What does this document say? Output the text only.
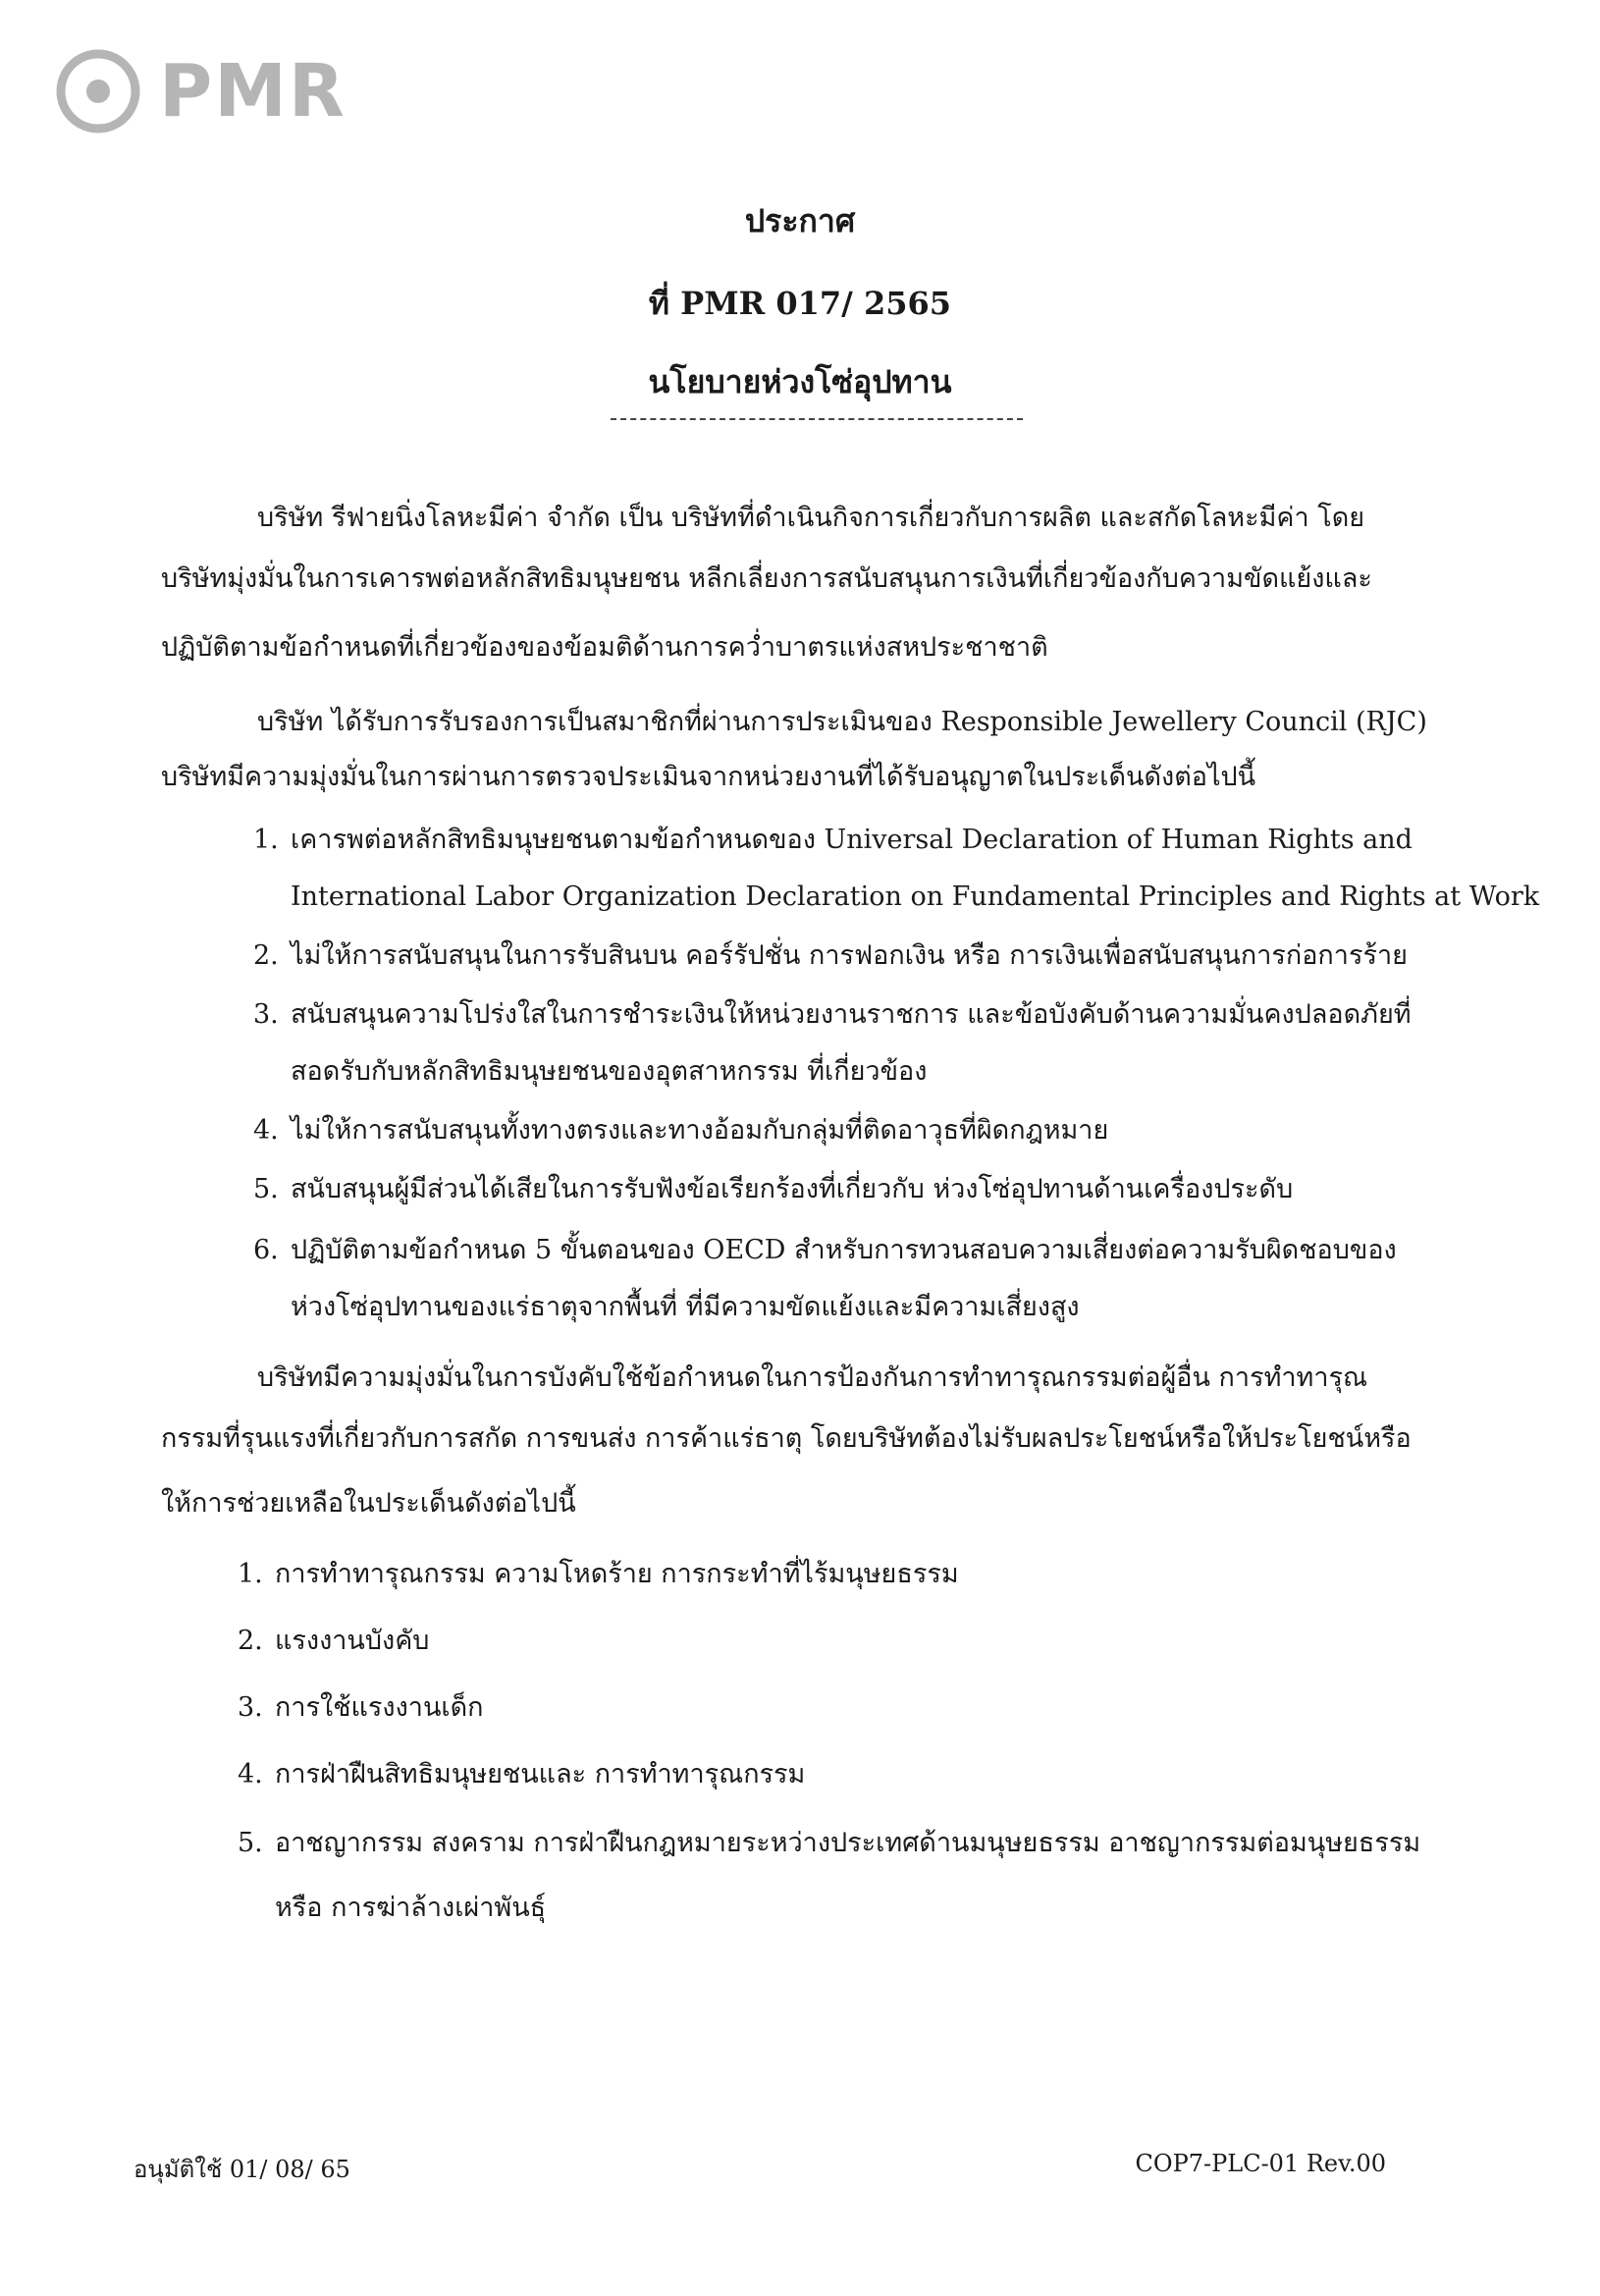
PMR
ประกาศ
ที่ PMR 017/ 2565
นโยบายห่วงโซ่อุปทาน
บริษัท รีฟายนิ่งโลหะมีค่า จำกัด เป็น บริษัทที่ดำเนินกิจการเกี่ยวกับการผลิต และสกัดโลหะมีค่า โดย
บริษัทมุ่งมั่นในการเคารพต่อหลักสิทธิมนุษยชน หลีกเลี่ยงการสนับสนุนการเงินที่เกี่ยวข้องกับความขัดแย้งและ
ปฏิบัติตามข้อกำหนดที่เกี่ยวข้องของข้อมติด้านการคว่ำบาตรแห่งสหประชาชาติ
บริษัท ได้รับการรับรองการเป็นสมาชิกที่ผ่านการประเมินของ Responsible Jewellery Council (RJC)
บริษัทมีความมุ่งมั่นในการผ่านการตรวจประเมินจากหน่วยงานที่ได้รับอนุญาตในประเด็นดังต่อไปนี้
1. เคารพต่อหลักสิทธิมนุษยชนตามข้อกำหนดของ Universal Declaration of Human Rights and
International Labor Organization Declaration on Fundamental Principles and Rights at Work
2. ไม่ให้การสนับสนุนในการรับสินบน คอร์รัปชั่น การฟอกเงิน หรือ การเงินเพื่อสนับสนุนการก่อการร้าย
3. สนับสนุนความโปร่งใสในการชำระเงินให้หน่วยงานราชการ และข้อบังคับด้านความมั่นคงปลอดภัยที่
สอดรับกับหลักสิทธิมนุษยชนของอุตสาหกรรม ที่เกี่ยวข้อง
4. ไม่ให้การสนับสนุนทั้งทางตรงและทางอ้อมกับกลุ่มที่ติดอาวุธที่ผิดกฎหมาย
5. สนับสนุนผู้มีส่วนได้เสียในการรับฟังข้อเรียกร้องที่เกี่ยวกับ ห่วงโซ่อุปทานด้านเครื่องประดับ
6. ปฏิบัติตามข้อกำหนด 5 ขั้นตอนของ OECD สำหรับการทวนสอบความเสี่ยงต่อความรับผิดชอบของ
ห่วงโซ่อุปทานของแร่ธาตุจากพื้นที่ ที่มีความขัดแย้งและมีความเสี่ยงสูง
บริษัทมีความมุ่งมั่นในการบังคับใช้ข้อกำหนดในการป้องกันการทำทารุณกรรมต่อผู้อื่น การทำทารุณ
กรรมที่รุนแรงที่เกี่ยวกับการสกัด การขนส่ง การค้าแร่ธาตุ โดยบริษัทต้องไม่รับผลประโยชน์หรือให้ประโยชน์หรือ
ให้การช่วยเหลือในประเด็นดังต่อไปนี้
1. การทำทารุณกรรม ความโหดร้าย การกระทำที่ไร้มนุษยธรรม
2. แรงงานบังคับ
3. การใช้แรงงานเด็ก
4. การฝ่าฝืนสิทธิมนุษยชนและ การทำทารุณกรรม
5. อาชญากรรม สงคราม การฝ่าฝืนกฎหมายระหว่างประเทศด้านมนุษยธรรม อาชญากรรมต่อมนุษยธรรม
หรือ การฆ่าล้างเผ่าพันธุ์
อนุมัติใช้ 01/ 08/ 65	COP7-PLC-01 Rev.00
